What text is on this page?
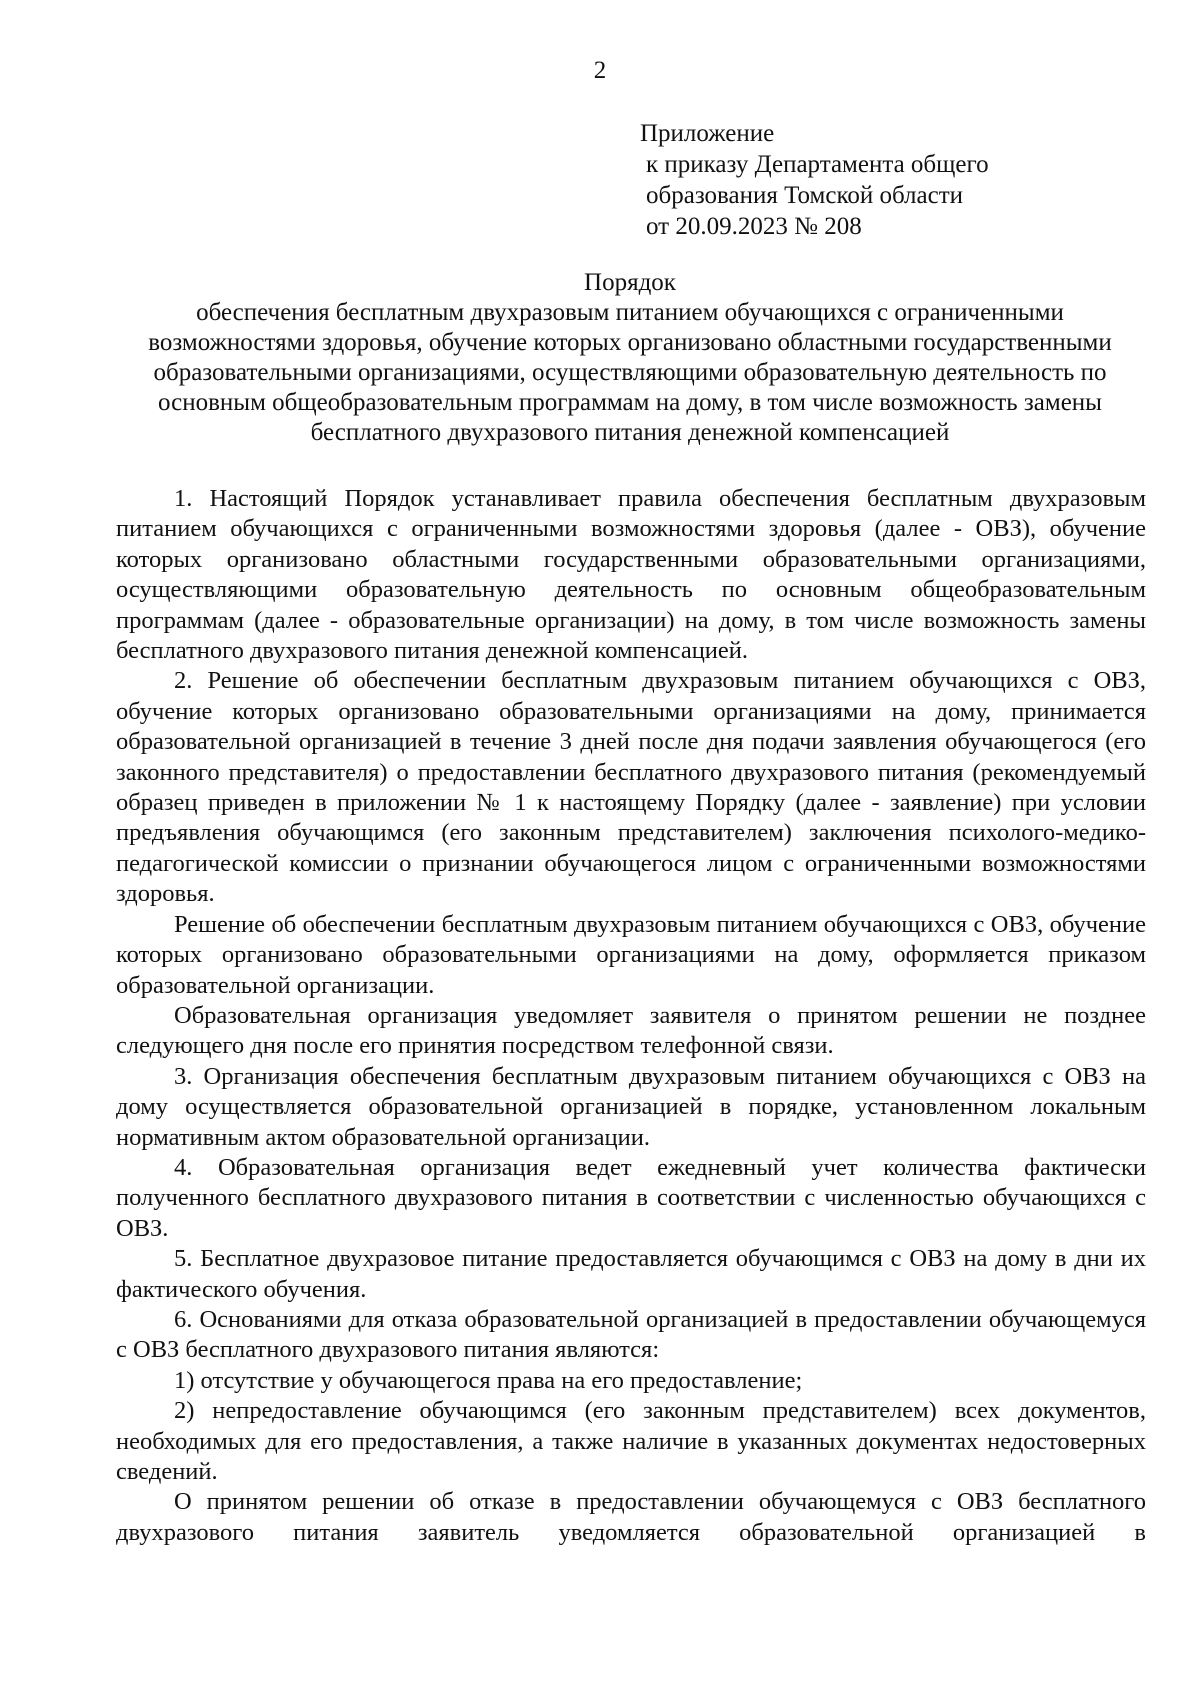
2
Приложение
к приказу Департамента общего
образования Томской области
от 20.09.2023 № 208
Порядок
обеспечения бесплатным двухразовым питанием обучающихся с ограниченными возможностями здоровья, обучение которых организовано областными государственными образовательными организациями, осуществляющими образовательную деятельность по основным общеобразовательным программам на дому, в том числе возможность замены бесплатного двухразового питания денежной компенсацией

1. Настоящий Порядок устанавливает правила обеспечения бесплатным двухразовым питанием обучающихся с ограниченными возможностями здоровья (далее - ОВЗ), обучение которых организовано областными государственными образовательными организациями, осуществляющими образовательную деятельность по основным общеобразовательным программам (далее - образовательные организации) на дому, в том числе возможность замены бесплатного двухразового питания денежной компенсацией.

2. Решение об обеспечении бесплатным двухразовым питанием обучающихся с ОВЗ, обучение которых организовано образовательными организациями на дому, принимается образовательной организацией в течение 3 дней после дня подачи заявления обучающегося (его законного представителя) о предоставлении бесплатного двухразового питания (рекомендуемый образец приведен в приложении № 1 к настоящему Порядку (далее - заявление) при условии предъявления обучающимся (его законным представителем) заключения психолого-медико-педагогической комиссии о признании обучающегося лицом с ограниченными возможностями здоровья.

Решение об обеспечении бесплатным двухразовым питанием обучающихся с ОВЗ, обучение которых организовано образовательными организациями на дому, оформляется приказом образовательной организации.

Образовательная организация уведомляет заявителя о принятом решении не позднее следующего дня после его принятия посредством телефонной связи.

3. Организация обеспечения бесплатным двухразовым питанием обучающихся с ОВЗ на дому осуществляется образовательной организацией в порядке, установленном локальным нормативным актом образовательной организации.

4. Образовательная организация ведет ежедневный учет количества фактически полученного бесплатного двухразового питания в соответствии с численностью обучающихся с ОВЗ.

5. Бесплатное двухразовое питание предоставляется обучающимся с ОВЗ на дому в дни их фактического обучения.

6. Основаниями для отказа образовательной организацией в предоставлении обучающемуся с ОВЗ бесплатного двухразового питания являются:

1) отсутствие у обучающегося права на его предоставление;

2) непредоставление обучающимся (его законным представителем) всех документов, необходимых для его предоставления, а также наличие в указанных документах недостоверных сведений.

О принятом решении об отказе в предоставлении обучающемуся с ОВЗ бесплатного двухразового питания заявитель уведомляется образовательной организацией в
